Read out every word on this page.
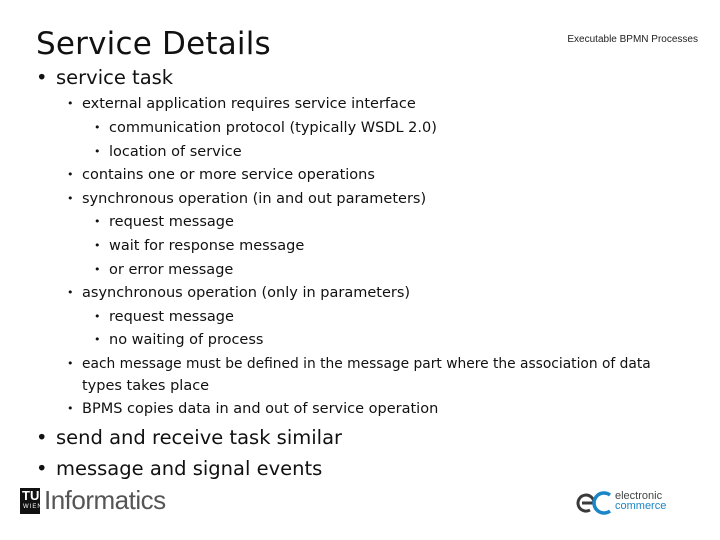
Service Details	Executable BPMN Processes
• service task
• external application requires service interface
• communication protocol (typically WSDL 2.0)
• location of service
• contains one or more service operations
• synchronous operation (in and out parameters)
• request message
• wait for response message
• or error message
• asynchronous operation (only in parameters)
• request message
• no waiting of process
• each message must be defined in the message part where the association of data
types takes place
• BPMS copies data in and out of service operation
• send and receive task similar
• message and signal events
TU
WIEN Informatics	electronic
commerce
